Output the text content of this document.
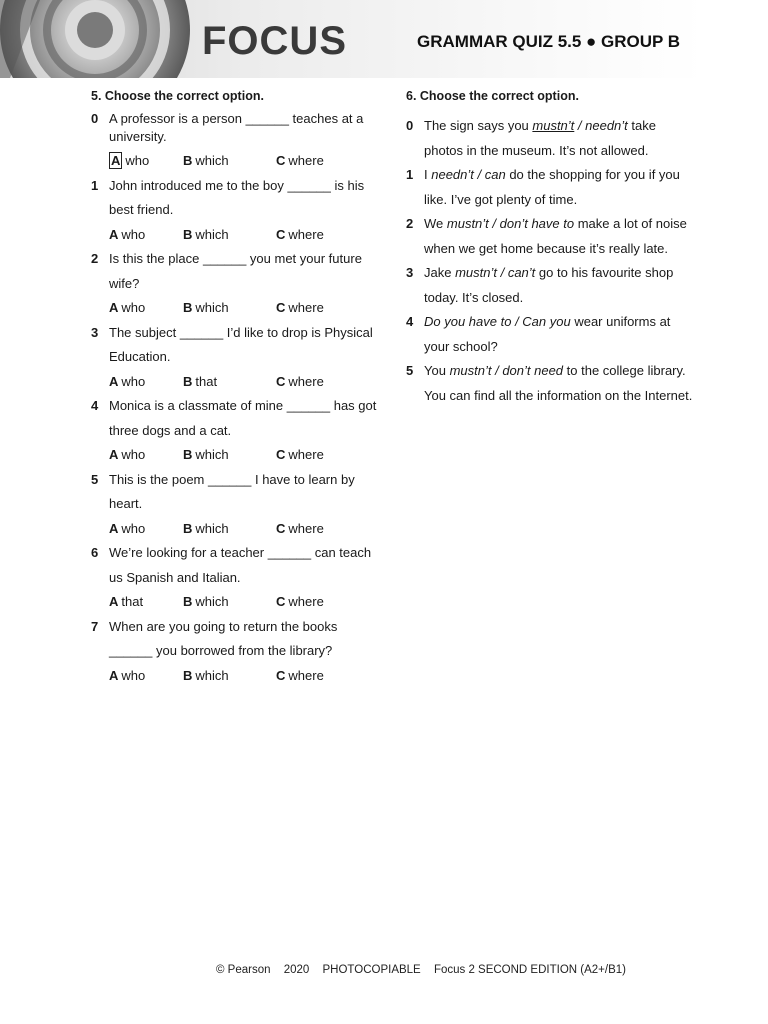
FOCUS	GRAMMAR QUIZ 5.5 ● GROUP B
5. Choose the correct option.
0 A professor is a person ______ teaches at a university.
A who	B which	C where
1 John introduced me to the boy ______ is his best friend.
A who	B which	C where
2 Is this the place ______ you met your future wife?
A who	B which	C where
3 The subject ______ I’d like to drop is Physical Education.
A who	B that	C where
4 Monica is a classmate of mine ______ has got three dogs and a cat.
A who	B which	C where
5 This is the poem ______ I have to learn by heart.
A who	B which	C where
6 We’re looking for a teacher ______ can teach us Spanish and Italian.
A that	B which	C where
7 When are you going to return the books ______ you borrowed from the library?
A who	B which	C where
6. Choose the correct option.
0 The sign says you mustn’t / needn’t take photos in the museum. It’s not allowed.
1 I needn’t / can do the shopping for you if you like. I’ve got plenty of time.
2 We mustn’t / don’t have to make a lot of noise when we get home because it’s really late.
3 Jake mustn’t / can’t go to his favourite shop today. It’s closed.
4 Do you have to / Can you wear uniforms at your school?
5 You mustn’t / don’t need to the college library. You can find all the information on the Internet.
© Pearson 2020 PHOTOCOPIABLE Focus 2 SECOND EDITION (A2+/B1)
